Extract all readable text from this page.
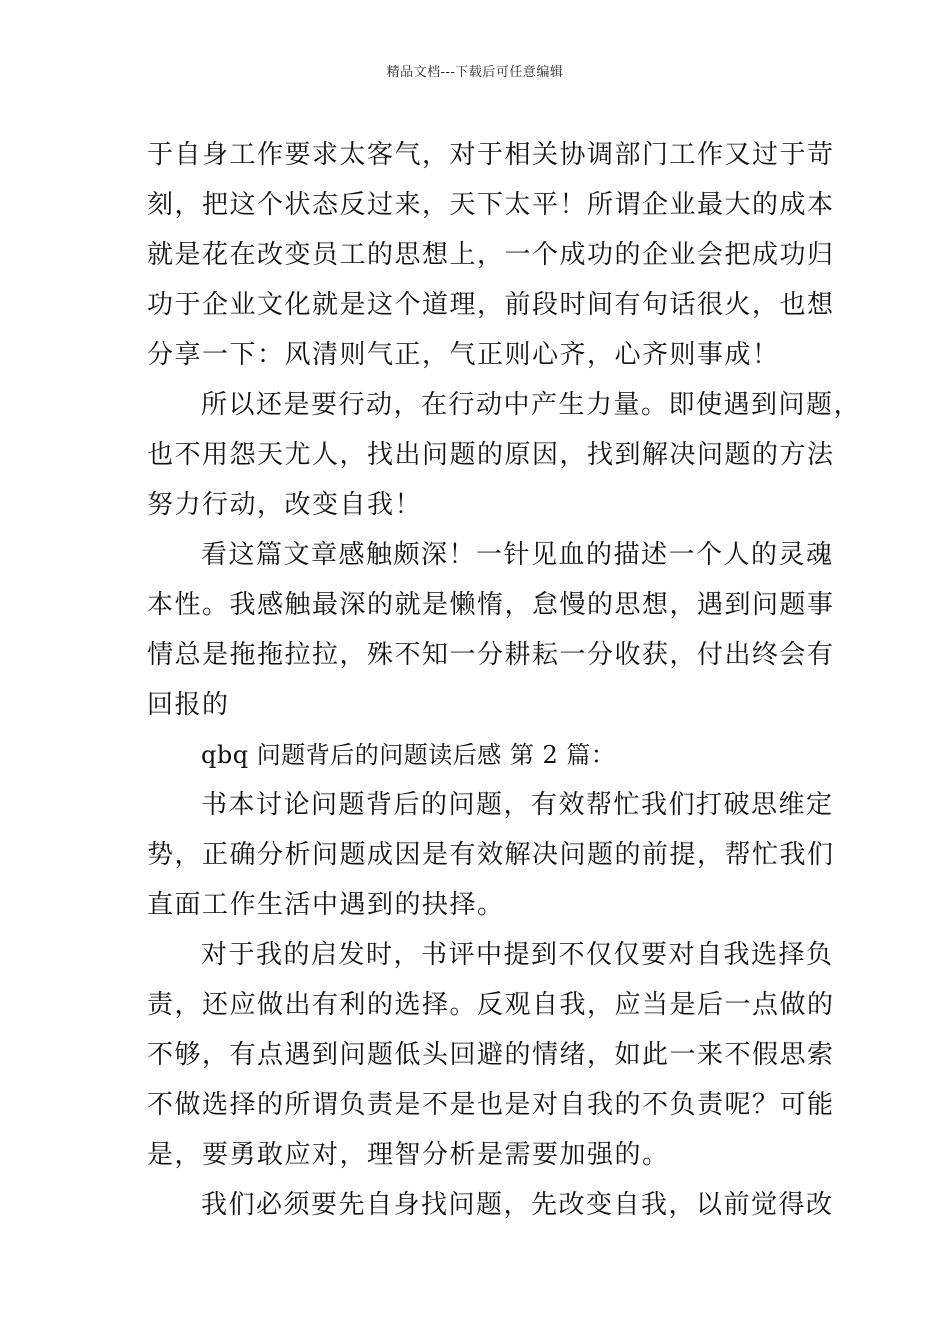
精品文档---下载后可任意编辑
于自身工作要求太客气，对于相关协调部门工作又过于苛
刻，把这个状态反过来，天下太平！所谓企业最大的成本
就是花在改变员工的思想上，一个成功的企业会把成功归
功于企业文化就是这个道理，前段时间有句话很火，也想
分享一下：风清则气正，气正则心齐，心齐则事成！
所以还是要行动，在行动中产生力量。即使遇到问题，
也不用怨天尤人，找出问题的原因，找到解决问题的方法
努力行动，改变自我！
看这篇文章感触颇深！一针见血的描述一个人的灵魂
本性。我感触最深的就是懒惰，怠慢的思想，遇到问题事
情总是拖拖拉拉，殊不知一分耕耘一分收获，付出终会有
回报的
qbq 问题背后的问题读后感 第 2 篇：
书本讨论问题背后的问题，有效帮忙我们打破思维定
势，正确分析问题成因是有效解决问题的前提，帮忙我们
直面工作生活中遇到的抉择。
对于我的启发时，书评中提到不仅仅要对自我选择负
责，还应做出有利的选择。反观自我，应当是后一点做的
不够，有点遇到问题低头回避的情绪，如此一来不假思索
不做选择的所谓负责是不是也是对自我的不负责呢？可能
是，要勇敢应对，理智分析是需要加强的。
我们必须要先自身找问题，先改变自我，以前觉得改
